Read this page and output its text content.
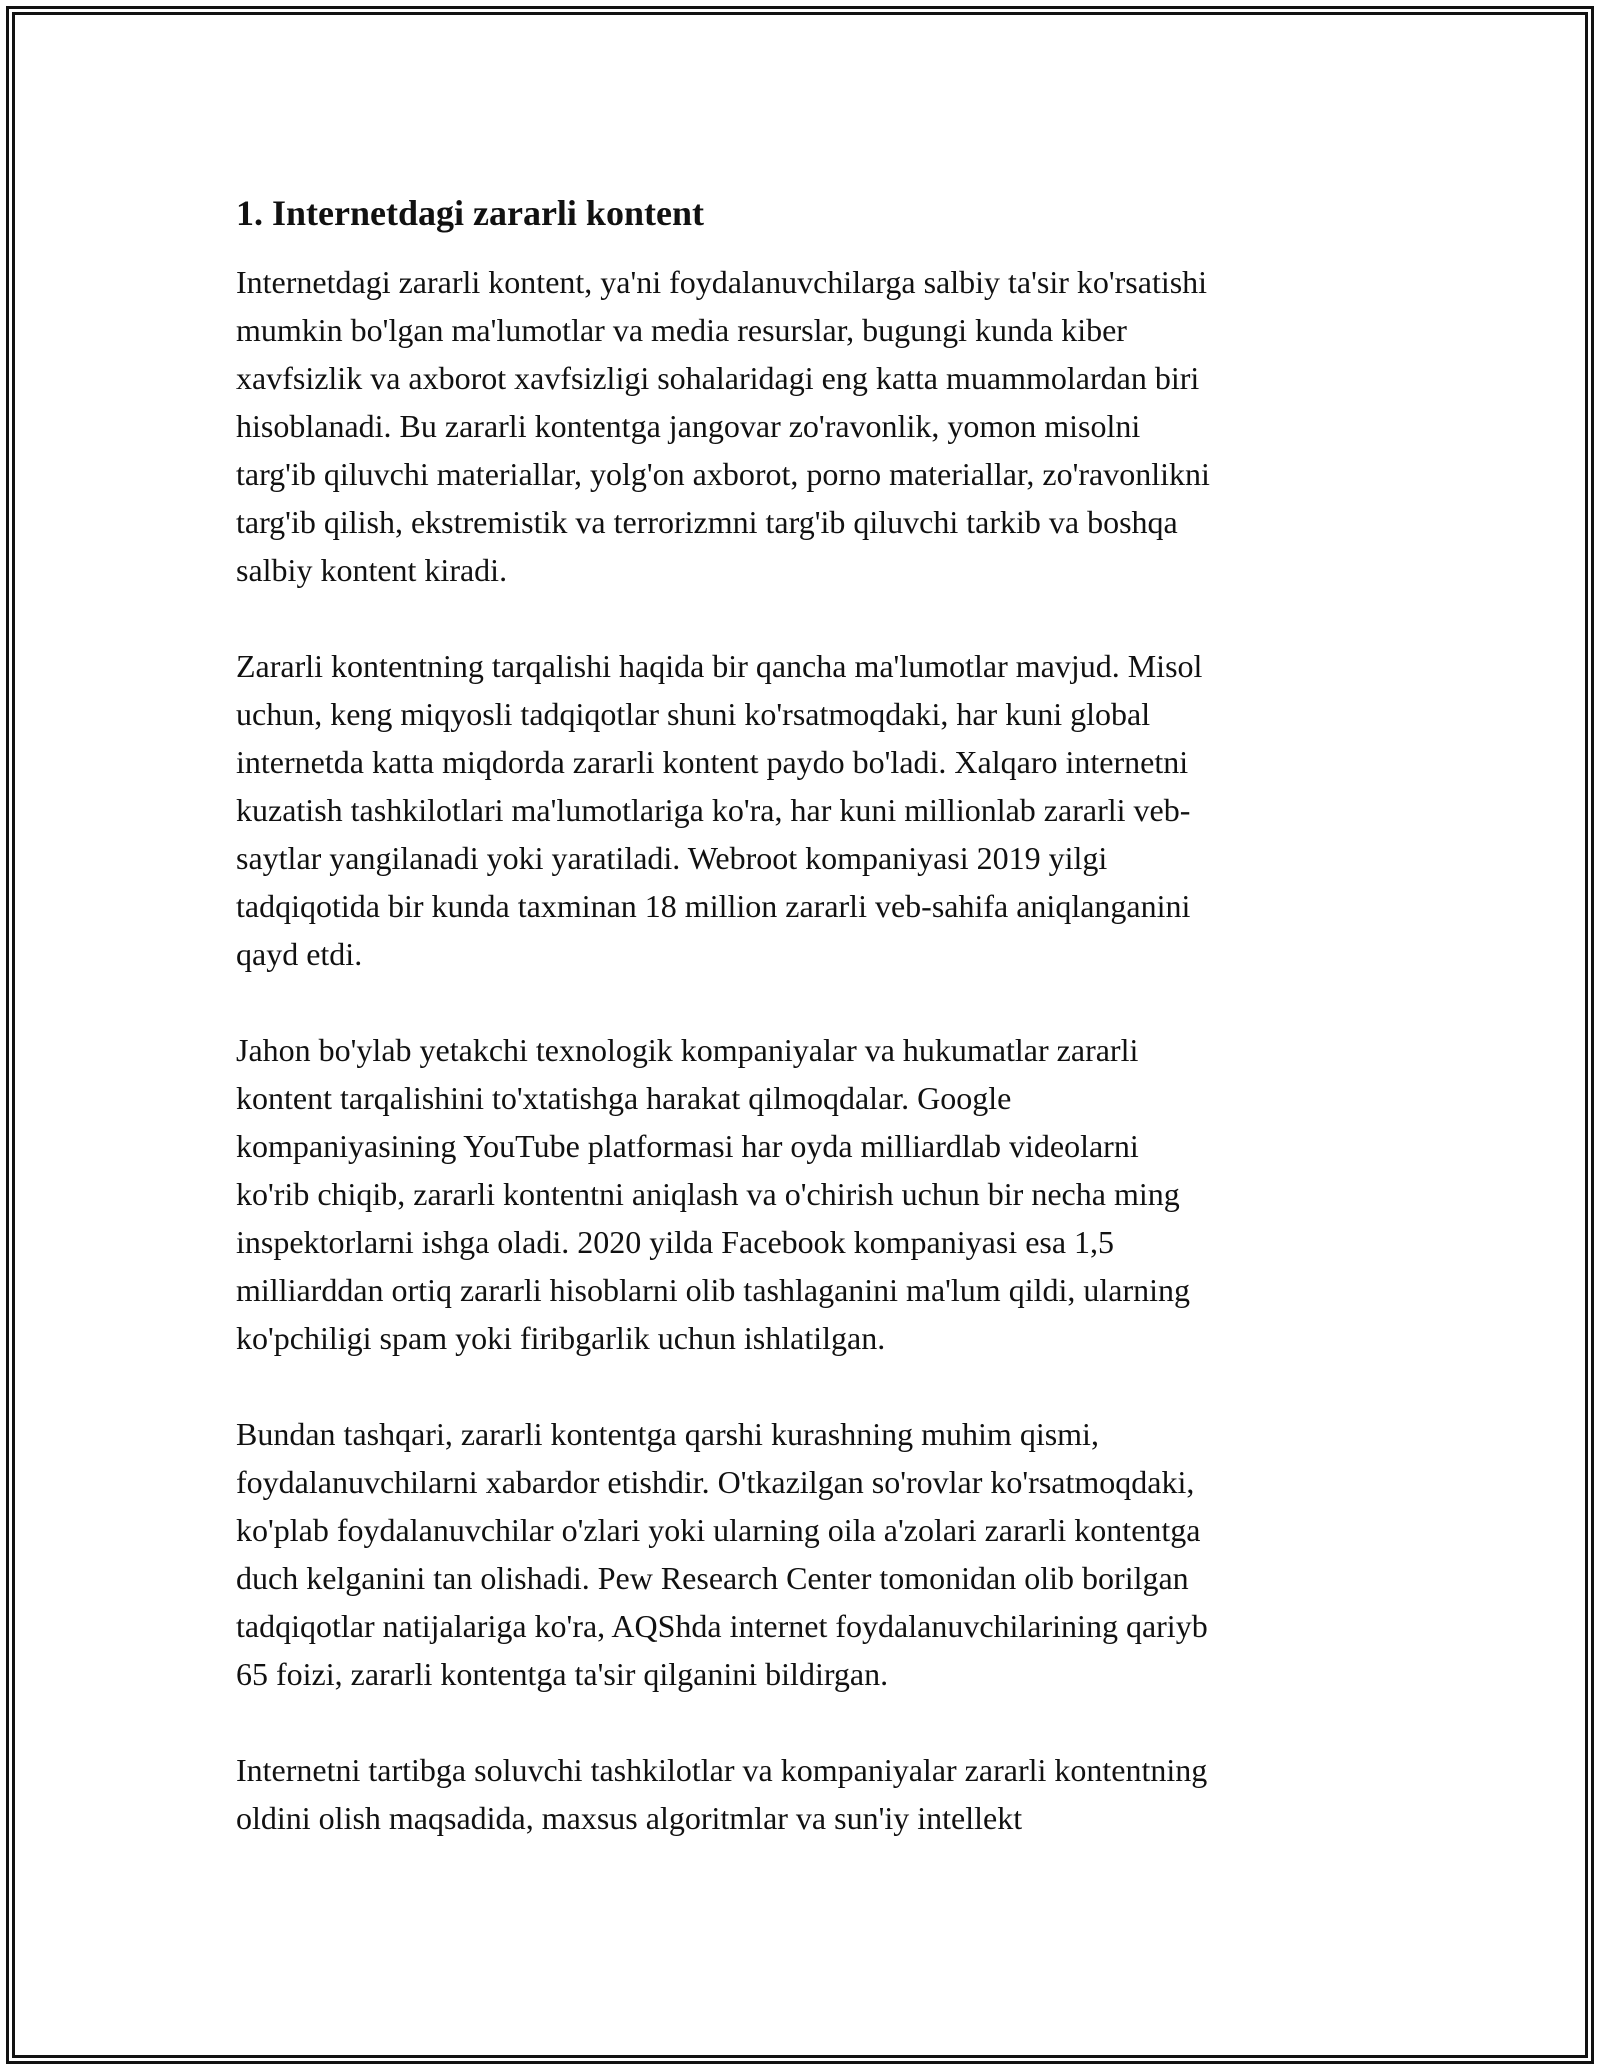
1. Internetdagi zararli kontent
Internetdagi zararli kontent, ya'ni foydalanuvchilarga salbiy ta'sir ko'rsatishi
mumkin bo'lgan ma'lumotlar va media resurslar, bugungi kunda kiber
xavfsizlik va axborot xavfsizligi sohalaridagi eng katta muammolardan biri
hisoblanadi. Bu zararli kontentga jangovar zo'ravonlik, yomon misolni
targ'ib qiluvchi materiallar, yolg'on axborot, porno materiallar, zo'ravonlikni
targ'ib qilish, ekstremistik va terrorizmni targ'ib qiluvchi tarkib va boshqa
salbiy kontent kiradi.
Zararli kontentning tarqalishi haqida bir qancha ma'lumotlar mavjud. Misol
uchun, keng miqyosli tadqiqotlar shuni ko'rsatmoqdaki, har kuni global
internetda katta miqdorda zararli kontent paydo bo'ladi. Xalqaro internetni
kuzatish tashkilotlari ma'lumotlariga ko'ra, har kuni millionlab zararli veb-
saytlar yangilanadi yoki yaratiladi. Webroot kompaniyasi 2019 yilgi
tadqiqotida bir kunda taxminan 18 million zararli veb-sahifa aniqlanganini
qayd etdi.
Jahon bo'ylab yetakchi texnologik kompaniyalar va hukumatlar zararli
kontent tarqalishini to'xtatishga harakat qilmoqdalar. Google
kompaniyasining YouTube platformasi har oyda milliardlab videolarni
ko'rib chiqib, zararli kontentni aniqlash va o'chirish uchun bir necha ming
inspektorlarni ishga oladi. 2020 yilda Facebook kompaniyasi esa 1,5
milliarddan ortiq zararli hisoblarni olib tashlaganini ma'lum qildi, ularning
ko'pchiligi spam yoki firibgarlik uchun ishlatilgan.
Bundan tashqari, zararli kontentga qarshi kurashning muhim qismi,
foydalanuvchilarni xabardor etishdir. O'tkazilgan so'rovlar ko'rsatmoqdaki,
ko'plab foydalanuvchilar o'zlari yoki ularning oila a'zolari zararli kontentga
duch kelganini tan olishadi. Pew Research Center tomonidan olib borilgan
tadqiqotlar natijalariga ko'ra, AQShda internet foydalanuvchilarining qariyb
65 foizi, zararli kontentga ta'sir qilganini bildirgan.
Internetni tartibga soluvchi tashkilotlar va kompaniyalar zararli kontentning
oldini olish maqsadida, maxsus algoritmlar va sun'iy intellekt
